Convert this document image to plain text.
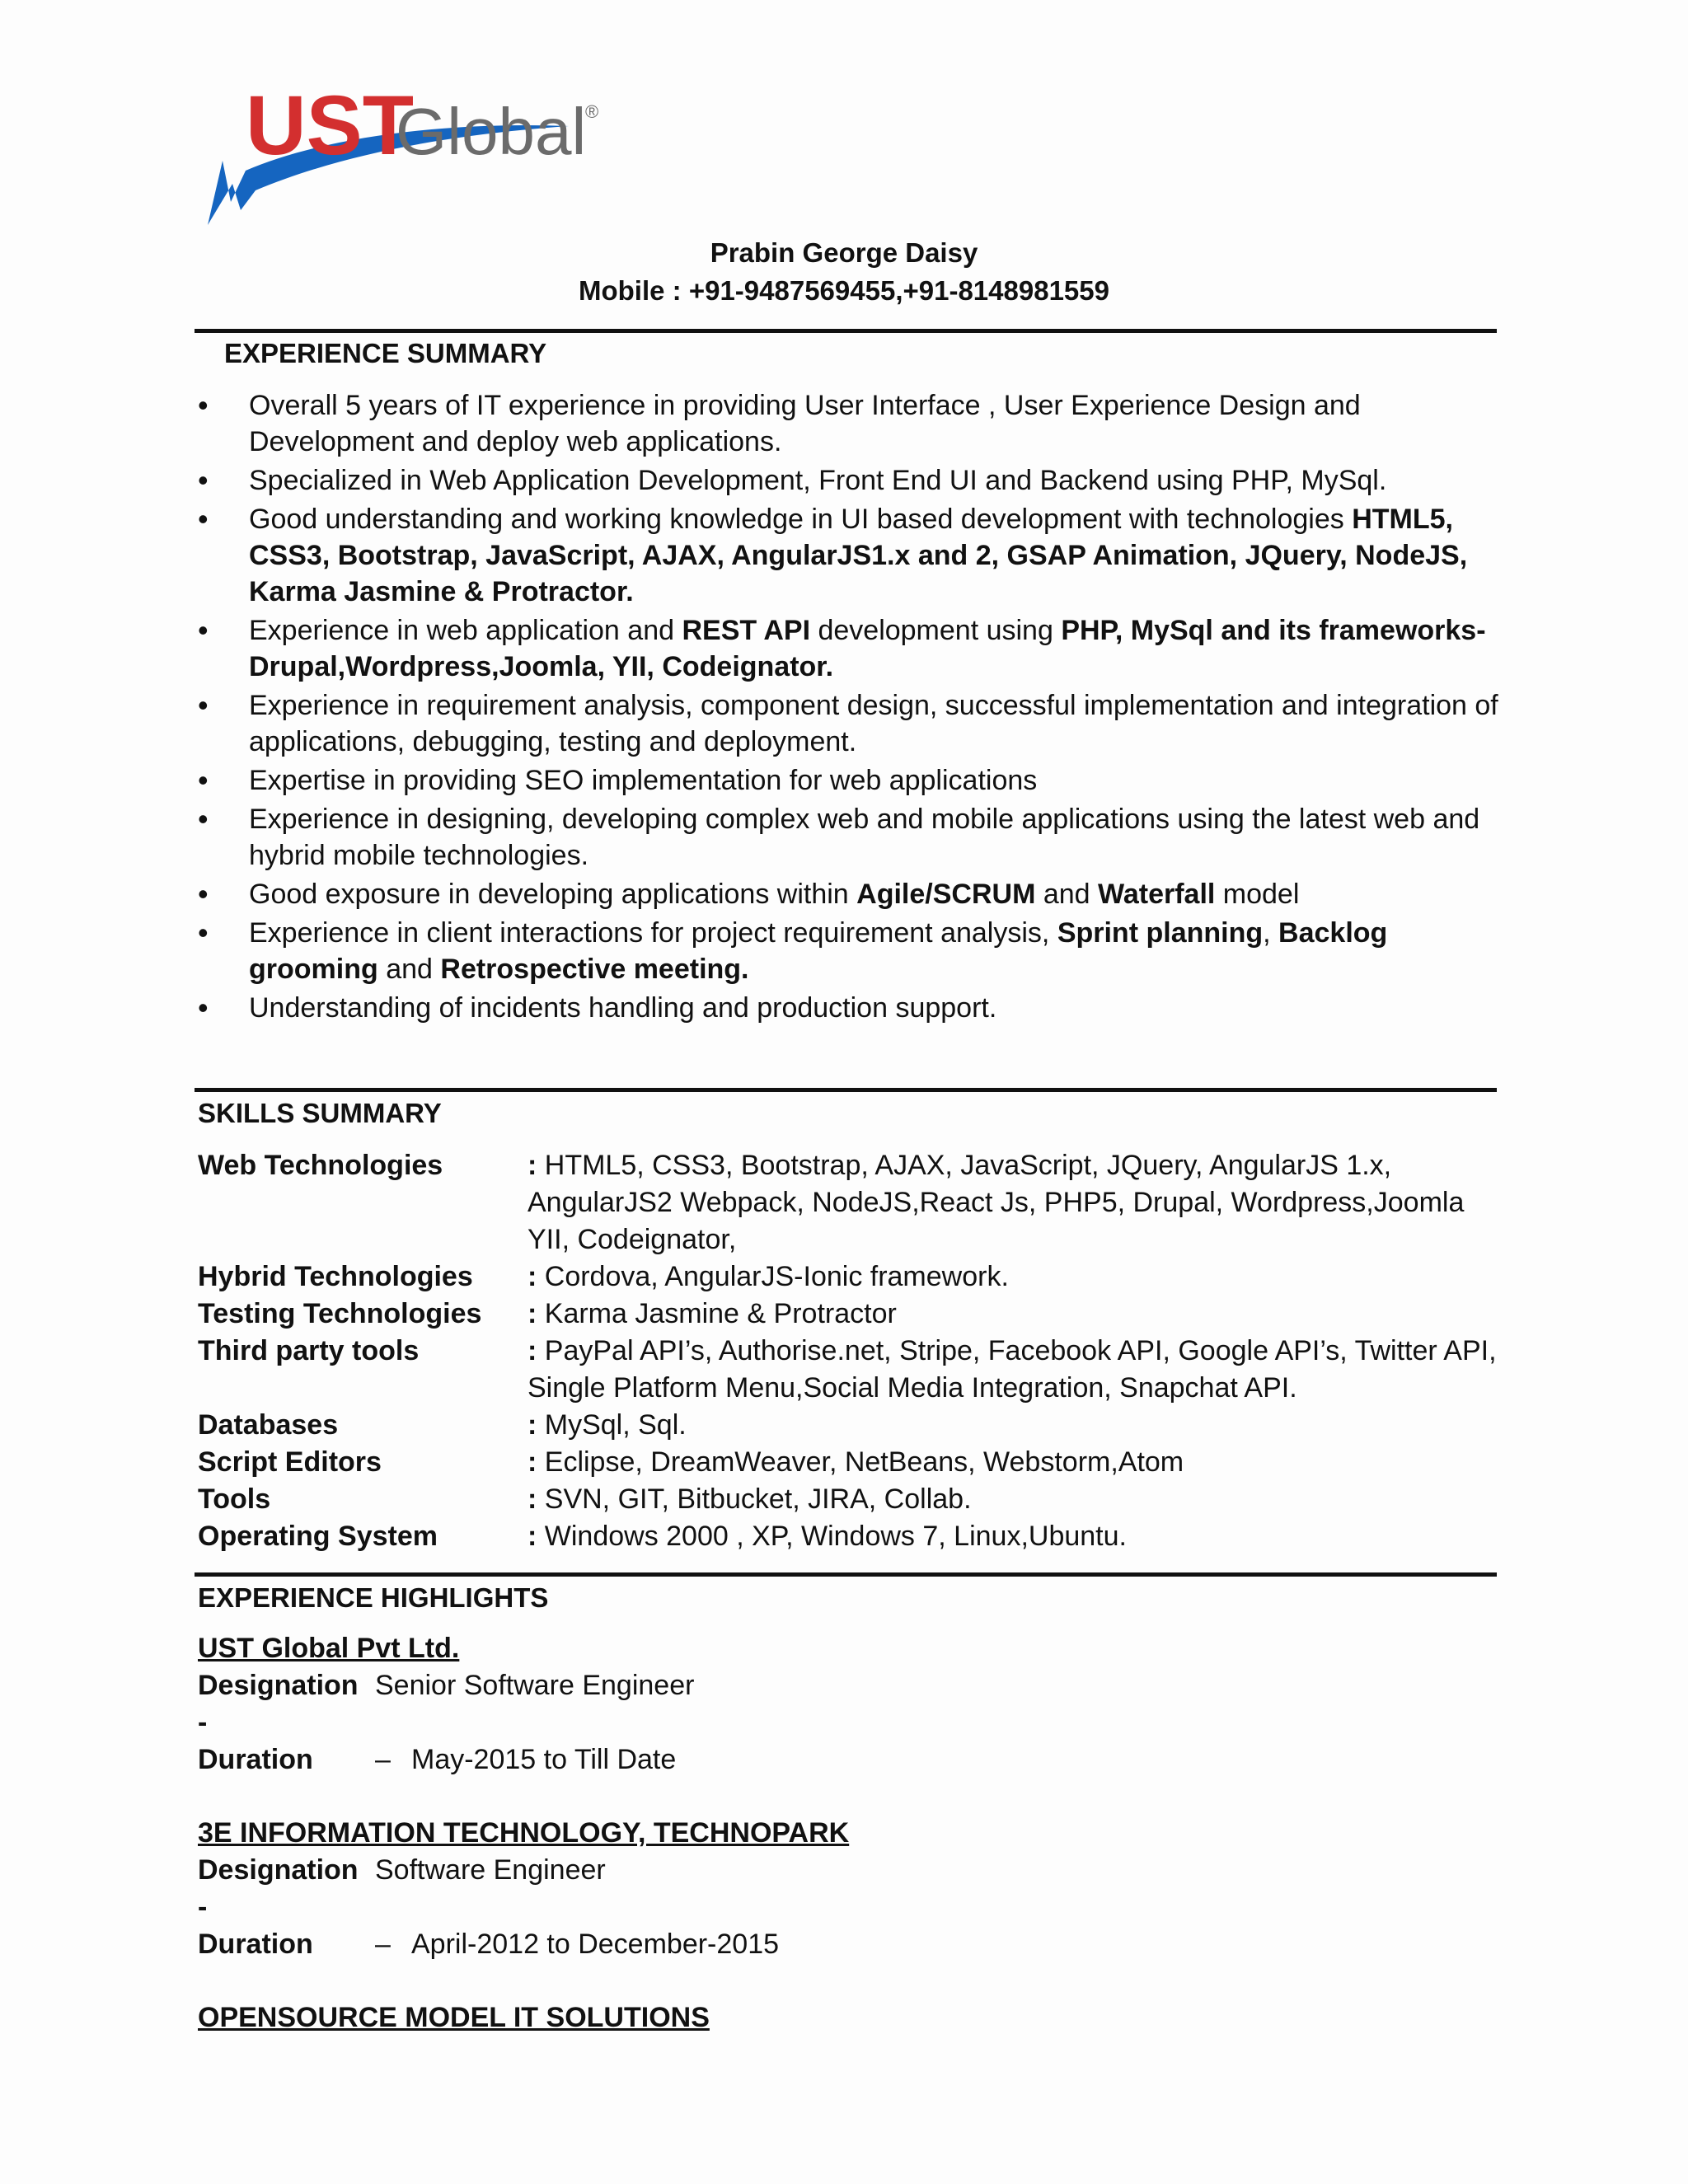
UST
Global
®
Prabin George Daisy
Mobile : +91-9487569455,+91-8148981559
EXPERIENCE SUMMARY
• Overall 5 years of IT experience in providing User Interface , User Experience Design and Development and deploy web applications.
• Specialized in Web Application Development, Front End UI and Backend using PHP, MySql.
• Good understanding and working knowledge in UI based development with technologies HTML5, CSS3, Bootstrap, JavaScript, AJAX, AngularJS1.x and 2, GSAP Animation, JQuery, NodeJS, Karma Jasmine & Protractor.
• Experience in web application and REST API development using PHP, MySql and its frameworks- Drupal,Wordpress,Joomla, YII, Codeignator.
• Experience in requirement analysis, component design, successful implementation and integration of applications, debugging, testing and deployment.
• Expertise in providing SEO implementation for web applications
• Experience in designing, developing complex web and mobile applications using the latest web and hybrid mobile technologies.
• Good exposure in developing applications within Agile/SCRUM and Waterfall model
• Experience in client interactions for project requirement analysis, Sprint planning, Backlog grooming and Retrospective meeting.
• Understanding of incidents handling and production support.
SKILLS SUMMARY
Web Technologies	: HTML5, CSS3, Bootstrap, AJAX, JavaScript, JQuery, AngularJS 1.x, AngularJS2 Webpack, NodeJS,React Js, PHP5, Drupal, Wordpress,Joomla YII, Codeignator,
Hybrid Technologies	: Cordova, AngularJS-Ionic framework.
Testing Technologies	: Karma Jasmine & Protractor
Third party tools	: PayPal API’s, Authorise.net, Stripe, Facebook API, Google API’s, Twitter API, Single Platform Menu,Social Media Integration, Snapchat API.
Databases	: MySql, Sql.
Script Editors	: Eclipse, DreamWeaver, NetBeans, Webstorm,Atom
Tools	: SVN, GIT, Bitbucket, JIRA, Collab.
Operating System	: Windows 2000 , XP, Windows 7, Linux,Ubuntu.
EXPERIENCE HIGHLIGHTS
UST Global Pvt Ltd.
Designation -
Senior Software Engineer
Duration	– May-2015 to Till Date
3E INFORMATION TECHNOLOGY, TECHNOPARK
Designation -
Software Engineer
Duration	– April-2012 to December-2015
OPENSOURCE MODEL IT SOLUTIONS
